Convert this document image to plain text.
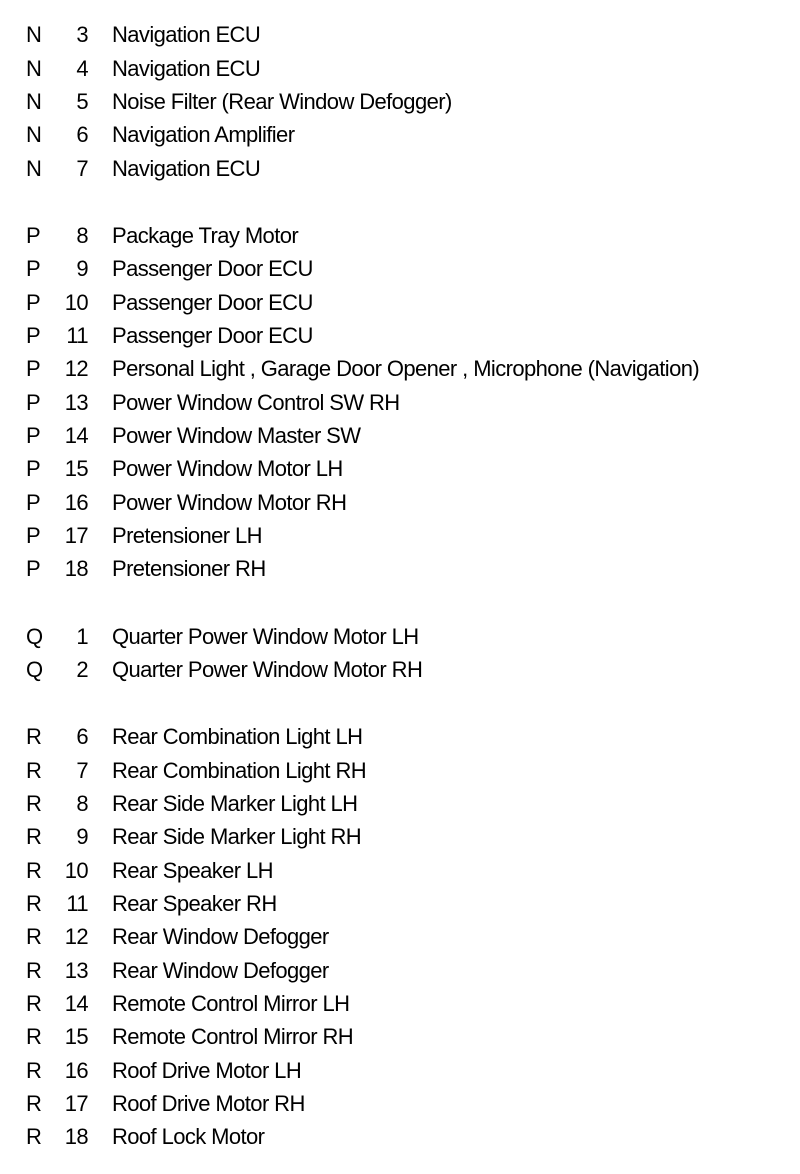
N	3	Navigation ECU
N	4	Navigation ECU
N	5	Noise Filter (Rear Window Defogger)
N	6	Navigation Amplifier
N	7	Navigation ECU
P	8	Package Tray Motor
P	9	Passenger Door ECU
P	10	Passenger Door ECU
P	11	Passenger Door ECU
P	12	Personal Light , Garage Door Opener , Microphone (Navigation)
P	13	Power Window Control SW RH
P	14	Power Window Master SW
P	15	Power Window Motor LH
P	16	Power Window Motor RH
P	17	Pretensioner LH
P	18	Pretensioner RH
Q	1	Quarter Power Window Motor LH
Q	2	Quarter Power Window Motor RH
R	6	Rear Combination Light LH
R	7	Rear Combination Light RH
R	8	Rear Side Marker Light LH
R	9	Rear Side Marker Light RH
R	10	Rear Speaker LH
R	11	Rear Speaker RH
R	12	Rear Window Defogger
R	13	Rear Window Defogger
R	14	Remote Control Mirror LH
R	15	Remote Control Mirror RH
R	16	Roof Drive Motor LH
R	17	Roof Drive Motor RH
R	18	Roof Lock Motor
